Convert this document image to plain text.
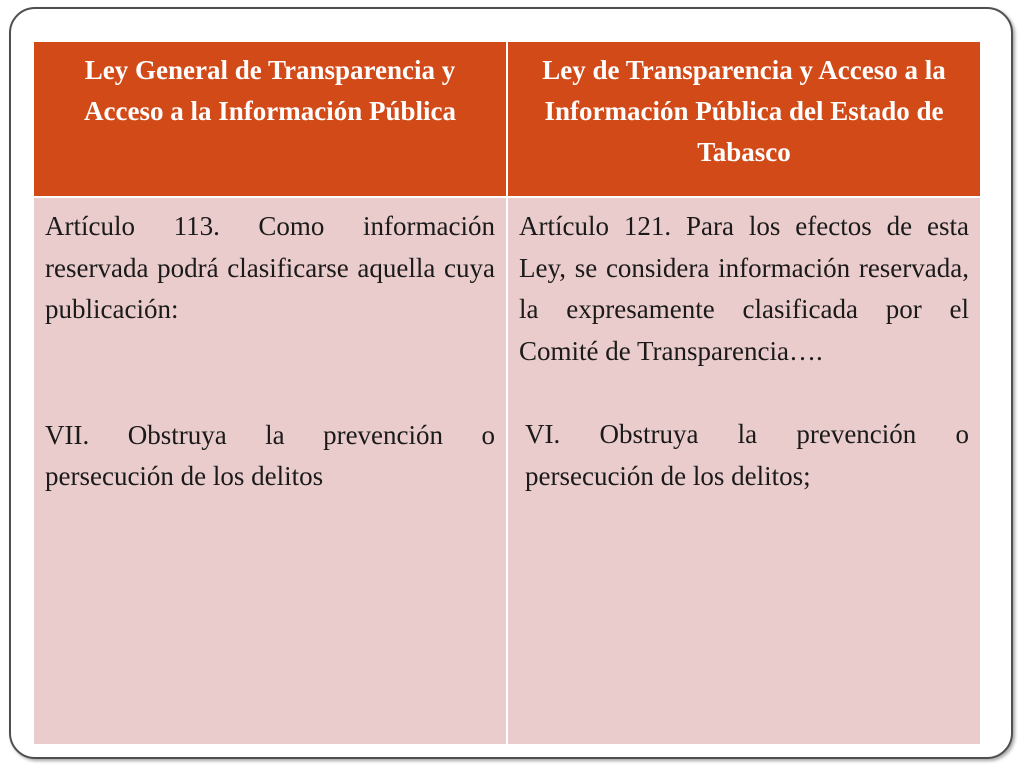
Ley General de Transparencia y Acceso a la Información Pública
Ley de Transparencia y Acceso a la Información Pública del Estado de Tabasco

Artículo 113. Como información reservada podrá clasificarse aquella cuya publicación:

VII. Obstruya la prevención o persecución de los delitos

Artículo 121. Para los efectos de esta Ley, se considera información reservada, la expresamente clasificada por el Comité de Transparencia….

VI. Obstruya la prevención o persecución de los delitos;
